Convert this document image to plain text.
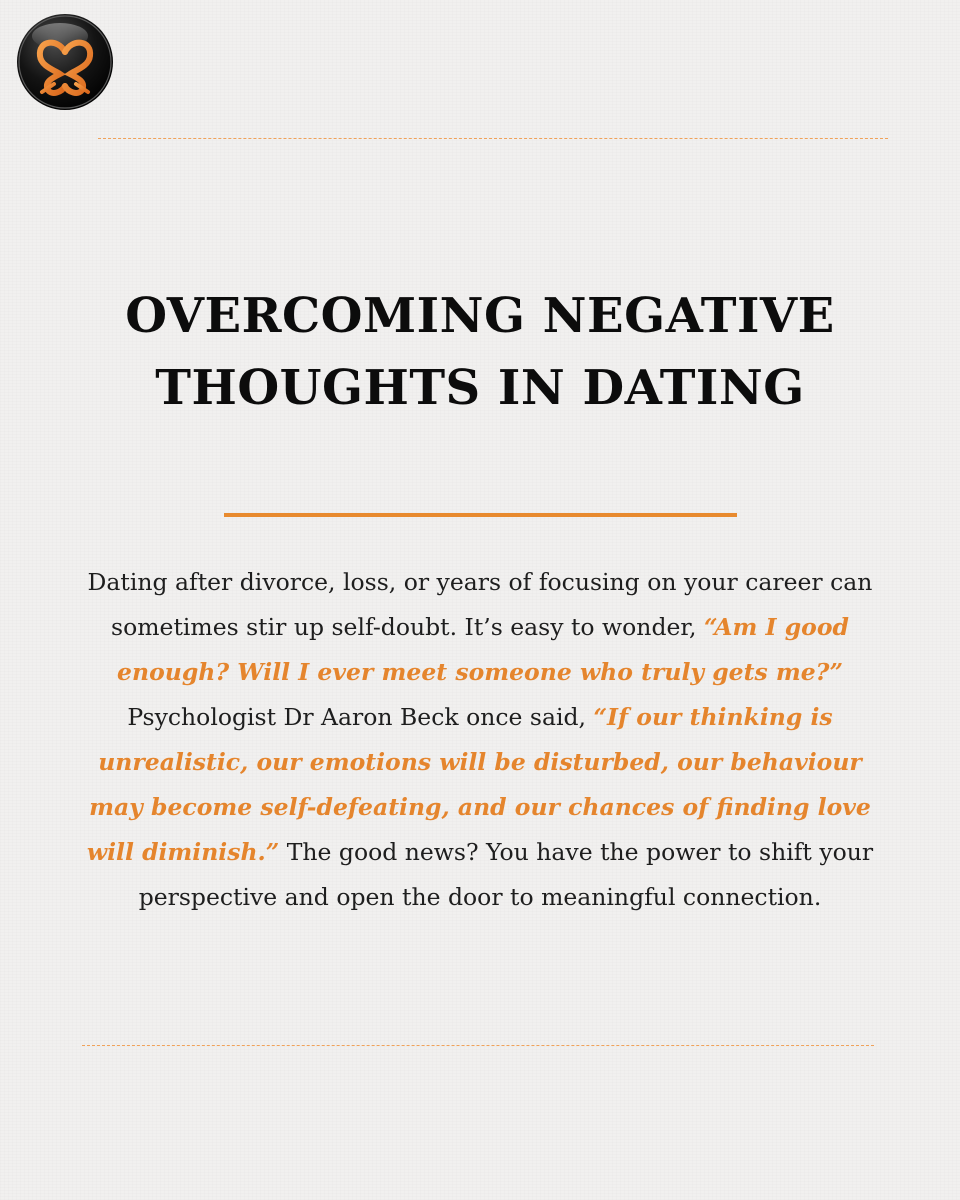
OVERCOMING NEGATIVE
THOUGHTS IN DATING

Dating after divorce, loss, or years of focusing on your career can sometimes stir up self-doubt. It’s easy to wonder, “Am I good enough? Will I ever meet someone who truly gets me?” Psychologist Dr Aaron Beck once said, “If our thinking is unrealistic, our emotions will be disturbed, our behaviour may become self-defeating, and our chances of finding love will diminish.” The good news? You have the power to shift your perspective and open the door to meaningful connection.
